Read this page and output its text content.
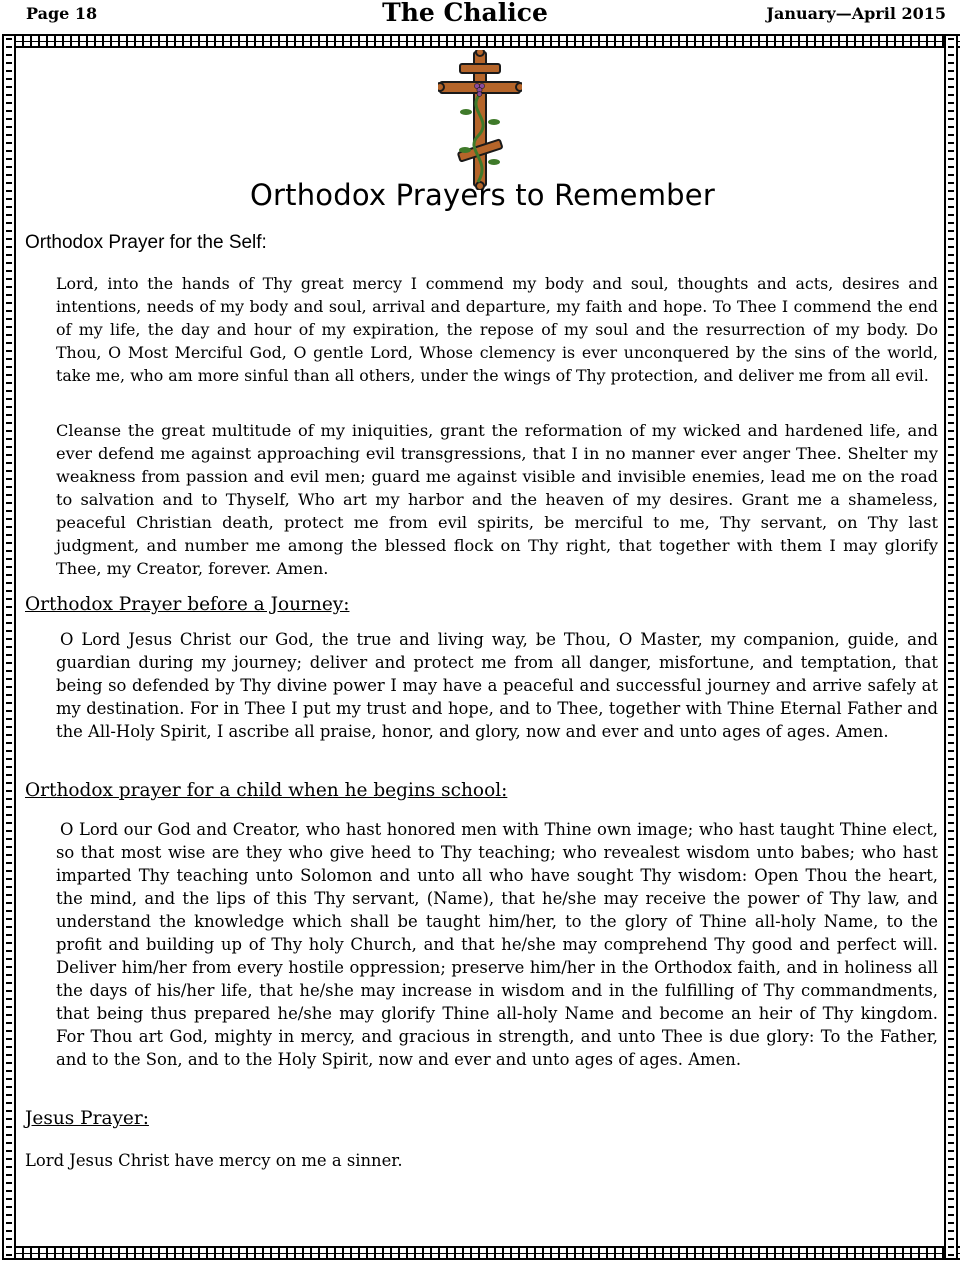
Page 18	The Chalice	January—April 2015
Orthodox Prayers to Remember
Orthodox Prayer for the Self:

Lord, into the hands of Thy great mercy I commend my body and soul, thoughts and acts, desires and intentions, needs of my body and soul, arrival and departure, my faith and hope. To Thee I commend the end of my life, the day and hour of my expiration, the repose of my soul and the resurrection of my body. Do Thou, O Most Merciful God, O gentle Lord, Whose clemency is ever unconquered by the sins of the world, take me, who am more sinful than all others, under the wings of Thy protection, and deliver me from all evil.

Cleanse the great multitude of my iniquities, grant the reformation of my wicked and hardened life, and ever defend me against approaching evil transgressions, that I in no manner ever anger Thee. Shelter my weakness from passion and evil men; guard me against visible and invisible enemies, lead me on the road to salvation and to Thyself, Who art my harbor and the heaven of my desires. Grant me a shameless, peaceful Christian death, protect me from evil spirits, be merciful to me, Thy servant, on Thy last judgment, and number me among the blessed flock on Thy right, that together with them I may glorify Thee, my Creator, forever. Amen.

Orthodox Prayer before a Journey:

O Lord Jesus Christ our God, the true and living way, be Thou, O Master, my companion, guide, and guardian during my journey; deliver and protect me from all danger, misfortune, and temptation, that being so defended by Thy divine power I may have a peaceful and successful journey and arrive safely at my destination. For in Thee I put my trust and hope, and to Thee, together with Thine Eternal Father and the All-Holy Spirit, I ascribe all praise, honor, and glory, now and ever and unto ages of ages. Amen.

Orthodox prayer for a child when he begins school:

O Lord our God and Creator, who hast honored men with Thine own image; who hast taught Thine elect, so that most wise are they who give heed to Thy teaching; who revealest wisdom unto babes; who hast imparted Thy teaching unto Solomon and unto all who have sought Thy wisdom: Open Thou the heart, the mind, and the lips of this Thy servant, (Name), that he/she may receive the power of Thy law, and understand the knowledge which shall be taught him/her, to the glory of Thine all-holy Name, to the profit and building up of Thy holy Church, and that he/she may comprehend Thy good and perfect will. Deliver him/her from every hostile oppression; preserve him/her in the Orthodox faith, and in holiness all the days of his/her life, that he/she may increase in wisdom and in the fulfilling of Thy commandments, that being thus prepared he/she may glorify Thine all-holy Name and become an heir of Thy kingdom. For Thou art God, mighty in mercy, and gracious in strength, and unto Thee is due glory: To the Father, and to the Son, and to the Holy Spirit, now and ever and unto ages of ages. Amen.

Jesus Prayer:

Lord Jesus Christ have mercy on me a sinner.
